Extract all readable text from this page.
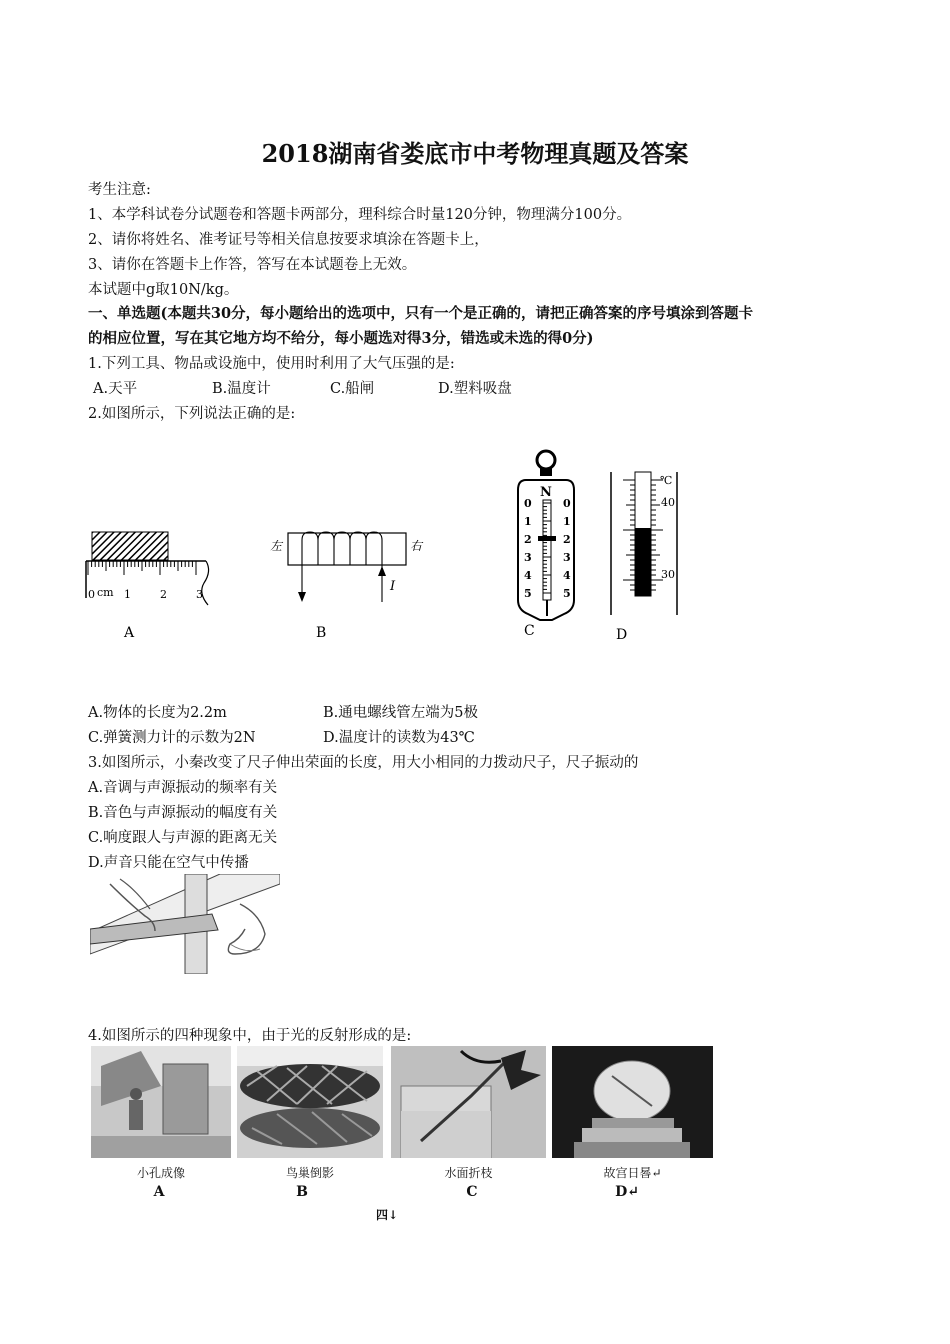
2018湖南省娄底市中考物理真题及答案
考生注意:
1、本学科试卷分试题卷和答题卡两部分，理科综合时量120分钟，物理满分100分。
2、请你将姓名、准考证号等相关信息按要求填涂在答题卡上，
3、请你在答题卡上作答，答写在本试题卷上无效。
本试题中g取10N/kg。
一、单选题(本题共30分，每小题给出的选项中，只有一个是正确的，请把正确答案的序号填涂到答题卡
的相应位置，写在其它地方均不给分，每小题选对得3分，错选或未选的得0分)
1.下列工具、物品或设施中，使用时利用了大气压强的是:
A.天平	B.温度计	C.船闸	D.塑料吸盘
2.如图所示，下列说法正确的是:
0 cm 1	2	3
左	右
I
N
0
1
2
3
4
5
0
1
2
3
4
5
℃
40
30
A	B	C	D
A.物体的长度为2.2m	B.通电螺线管左端为5极
C.弹簧测力计的示数为2N	D.温度计的读数为43℃
3.如图所示，小秦改变了尺子伸出荣面的长度，用大小相同的力拨动尺子，尺子振动的
A.音调与声源振动的频率有关
B.音色与声源振动的幅度有关
C.响度跟人与声源的距离无关
D.声音只能在空气中传播
4.如图所示的四种现象中，由于光的反射形成的是:
小孔成像	鸟巢倒影	水面折枝	故宫日晷↵
A	B	C	D↵
四↓
